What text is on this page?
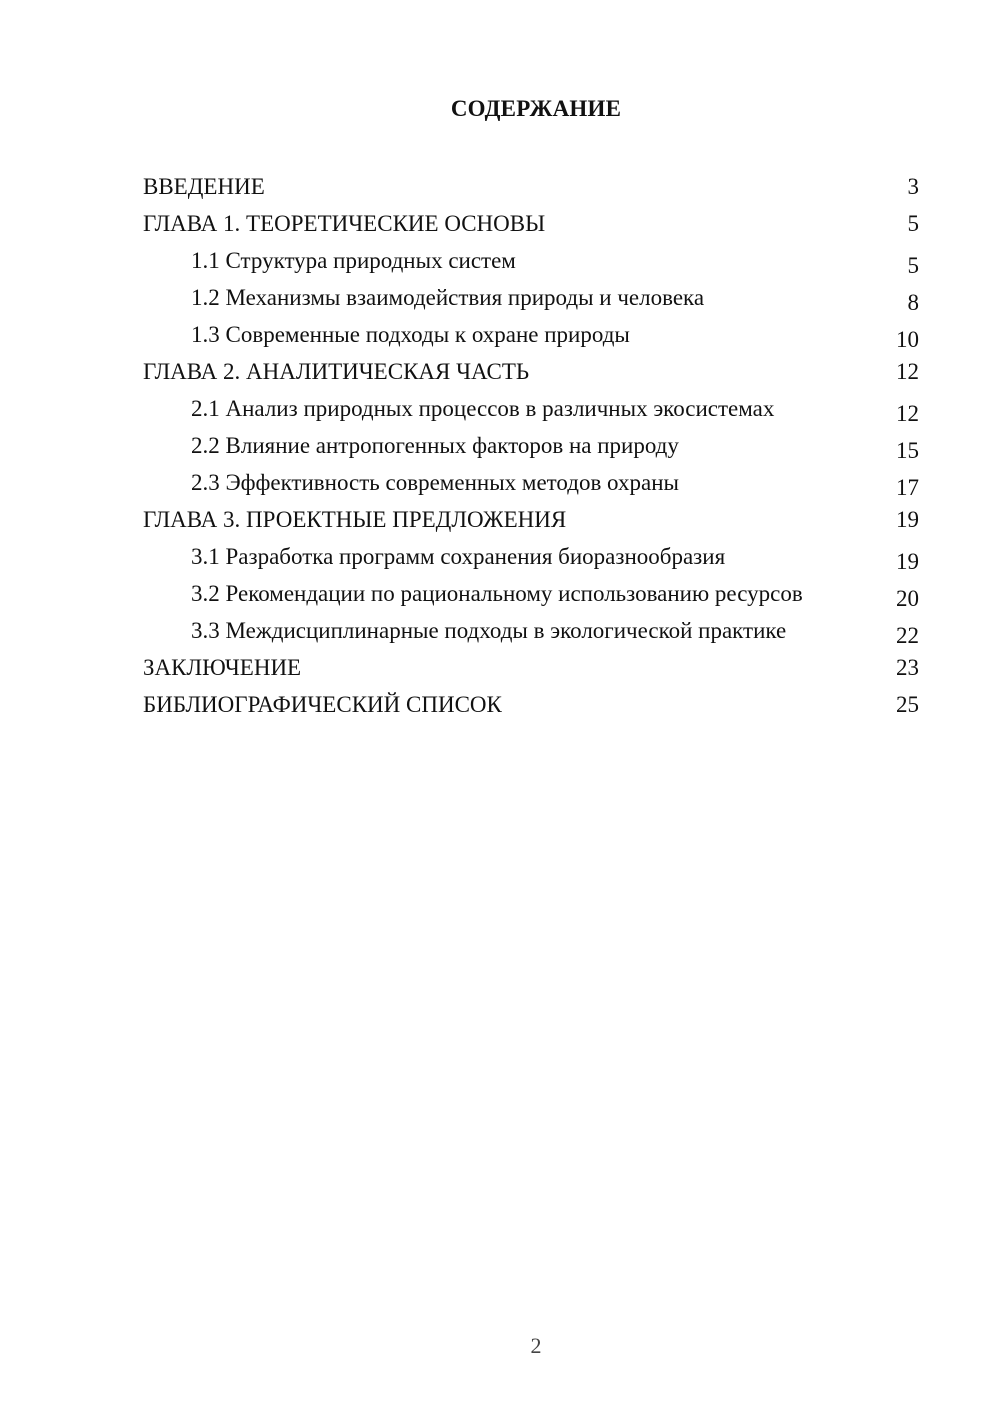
СОДЕРЖАНИЕ
ВВЕДЕНИЕ	3
ГЛАВА 1. ТЕОРЕТИЧЕСКИЕ ОСНОВЫ	5
1.1 Структура природных систем	5
1.2 Механизмы взаимодействия природы и человека	8
1.3 Современные подходы к охране природы	10
ГЛАВА 2. АНАЛИТИЧЕСКАЯ ЧАСТЬ	12
2.1 Анализ природных процессов в различных экосистемах	12
2.2 Влияние антропогенных факторов на природу	15
2.3 Эффективность современных методов охраны	17
ГЛАВА 3. ПРОЕКТНЫЕ ПРЕДЛОЖЕНИЯ	19
3.1 Разработка программ сохранения биоразнообразия	19
3.2 Рекомендации по рациональному использованию ресурсов	20
3.3 Междисциплинарные подходы в экологической практике	22
ЗАКЛЮЧЕНИЕ	23
БИБЛИОГРАФИЧЕСКИЙ СПИСОК	25
2
